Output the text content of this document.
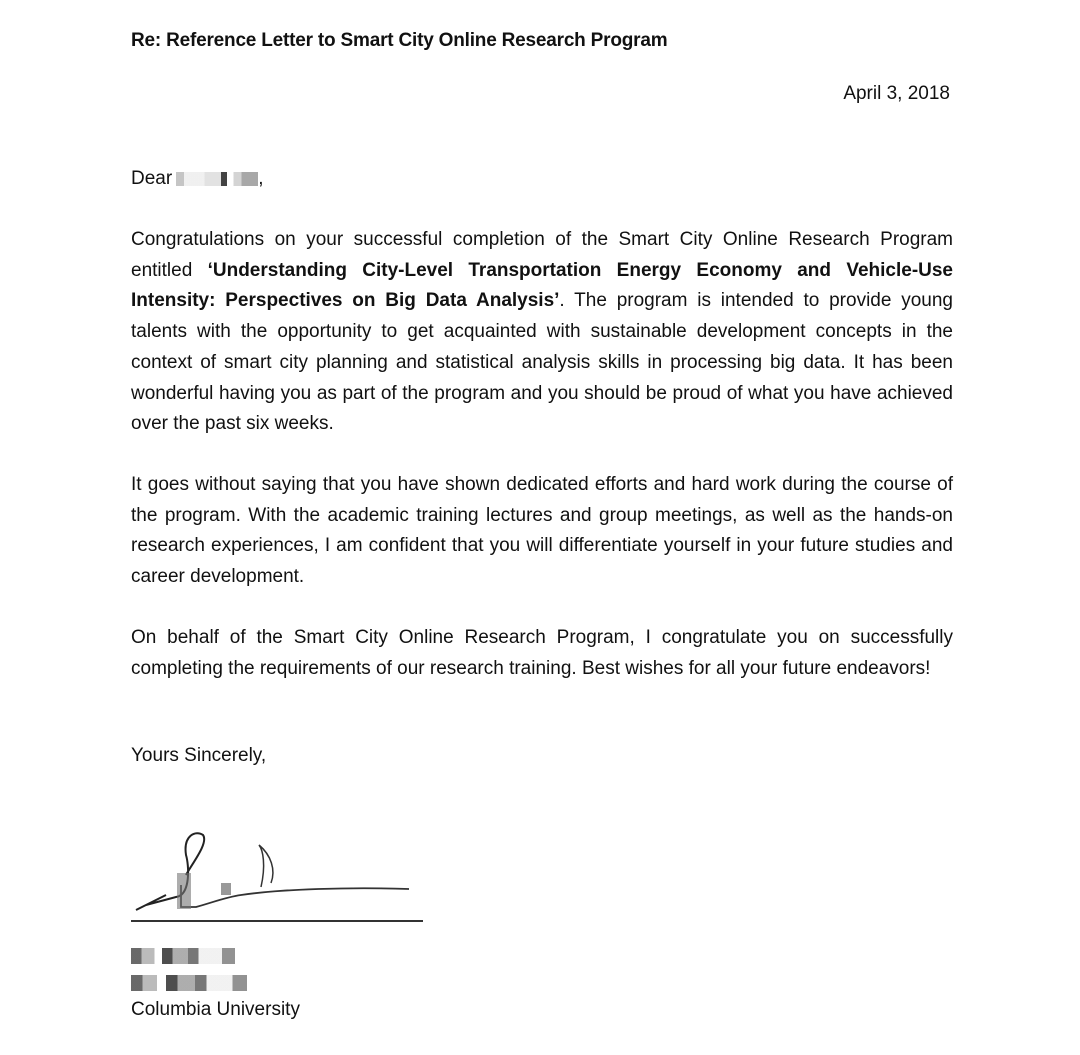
Re: Reference Letter to Smart City Online Research Program
April 3, 2018
Dear	,
Congratulations on your successful completion of the Smart City Online Research Program entitled ‘Understanding City-Level Transportation Energy Economy and Vehicle-Use Intensity: Perspectives on Big Data Analysis’. The program is intended to provide young talents with the opportunity to get acquainted with sustainable development concepts in the context of smart city planning and statistical analysis skills in processing big data. It has been wonderful having you as part of the program and you should be proud of what you have achieved over the past six weeks.
It goes without saying that you have shown dedicated efforts and hard work during the course of the program. With the academic training lectures and group meetings, as well as the hands-on research experiences, I am confident that you will differentiate yourself in your future studies and career development.
On behalf of the Smart City Online Research Program, I congratulate you on successfully completing the requirements of our research training. Best wishes for all your future endeavors!
Yours Sincerely,
Columbia University
